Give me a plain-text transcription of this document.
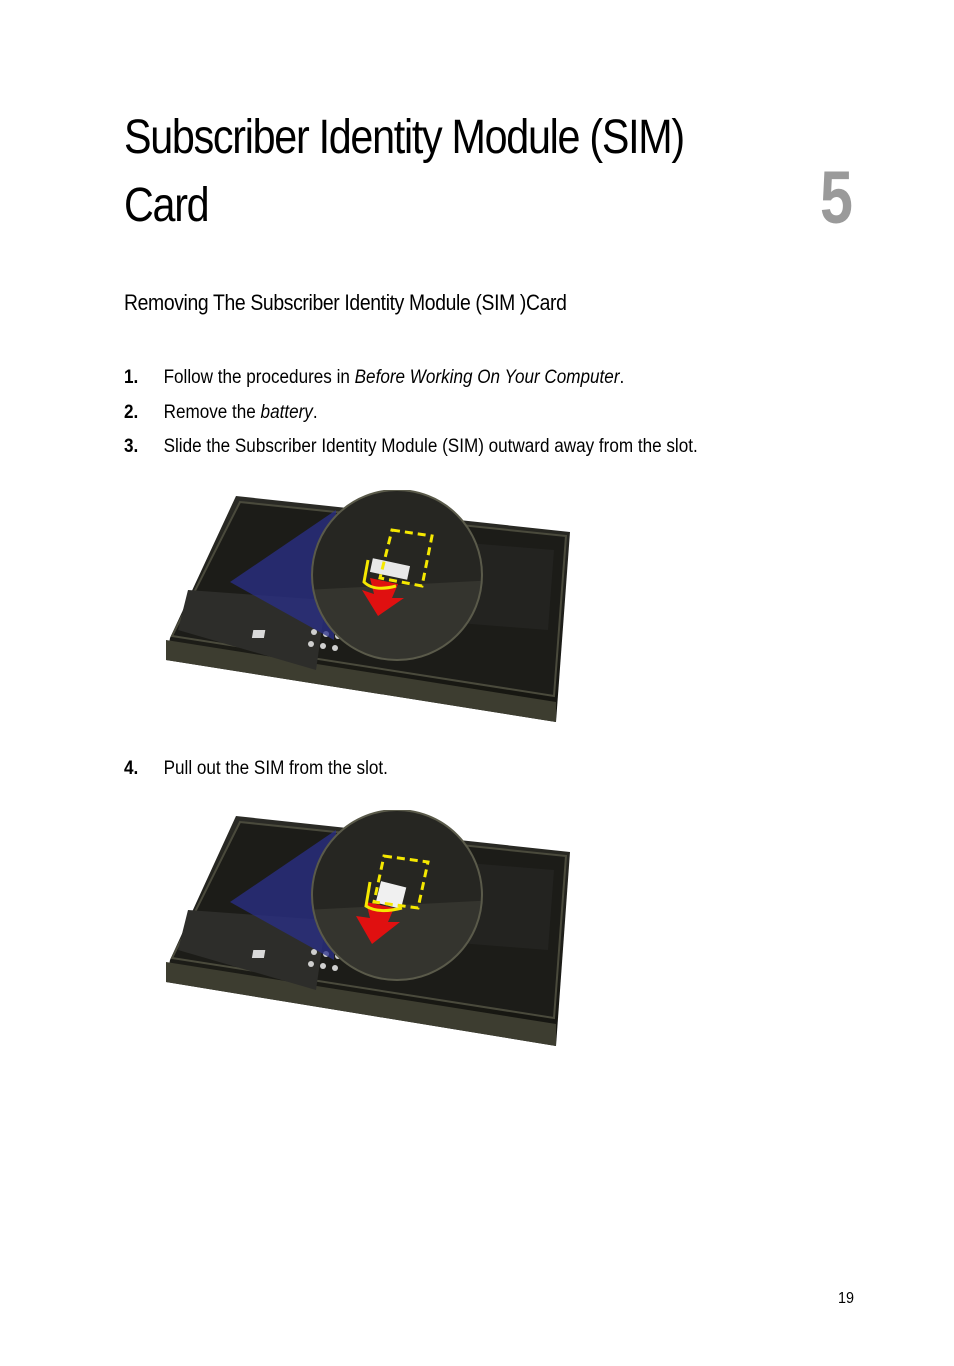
Subscriber Identity Module (SIM)
Card	5
Removing The Subscriber Identity Module (SIM )Card
1. Follow the procedures in Before Working On Your Computer.
2. Remove the battery.
3. Slide the Subscriber Identity Module (SIM) outward away from the slot.
4. Pull out the SIM from the slot.
19
